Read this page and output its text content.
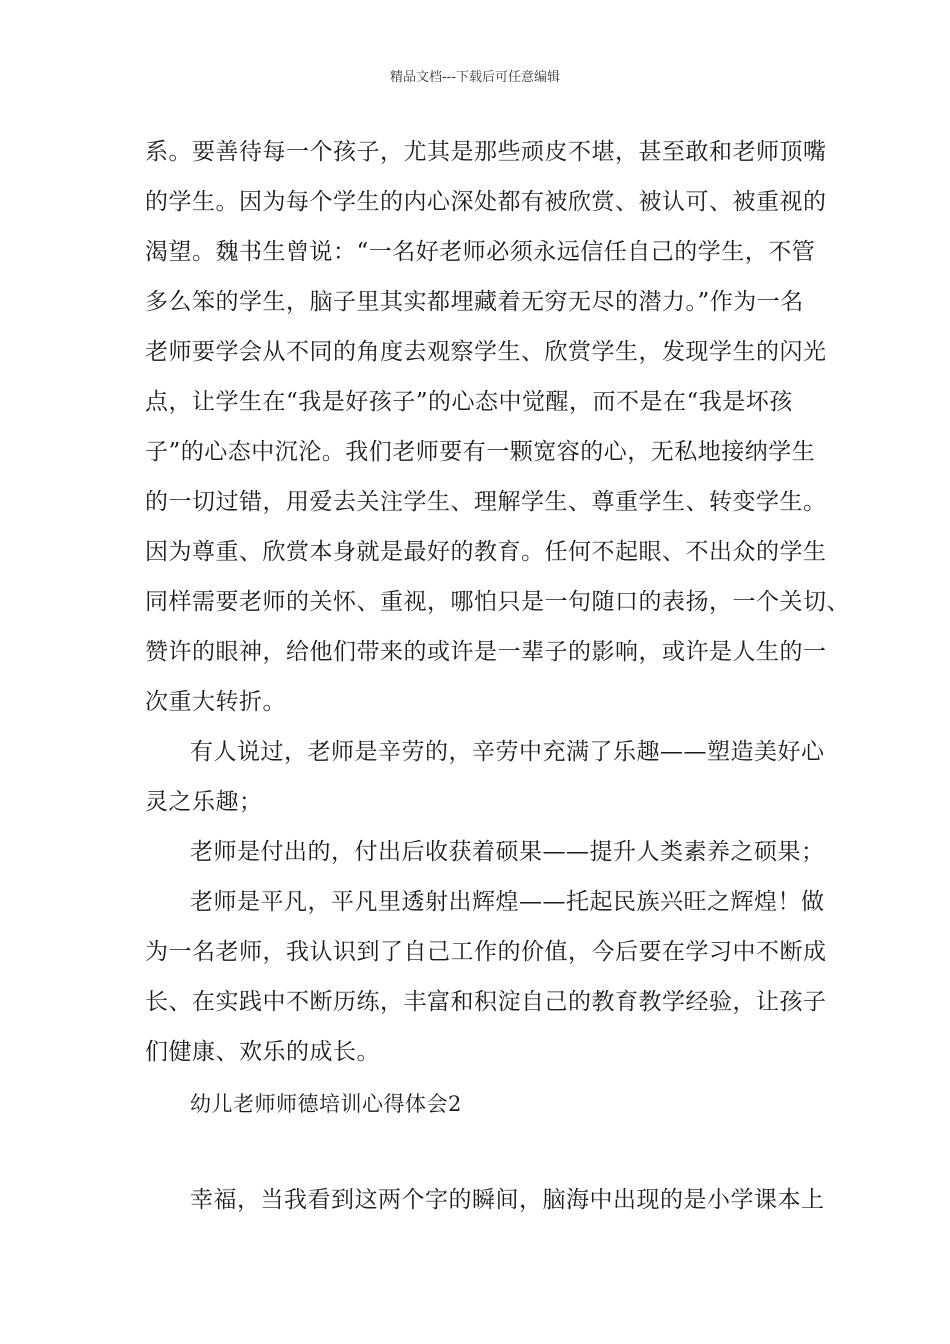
精品文档---下载后可任意编辑
系。要善待每一个孩子，尤其是那些顽皮不堪，甚至敢和老师顶嘴
的学生。因为每个学生的内心深处都有被欣赏、被认可、被重视的
渴望。魏书生曾说：“一名好老师必须永远信任自己的学生，不管
多么笨的学生，脑子里其实都埋藏着无穷无尽的潜力。”作为一名
老师要学会从不同的角度去观察学生、欣赏学生，发现学生的闪光
点，让学生在“我是好孩子”的心态中觉醒，而不是在“我是坏孩
子”的心态中沉沦。我们老师要有一颗宽容的心，无私地接纳学生
的一切过错，用爱去关注学生、理解学生、尊重学生、转变学生。
因为尊重、欣赏本身就是最好的教育。任何不起眼、不出众的学生
同样需要老师的关怀、重视，哪怕只是一句随口的表扬，一个关切、
赞许的眼神，给他们带来的或许是一辈子的影响，或许是人生的一
次重大转折。
有人说过，老师是辛劳的，辛劳中充满了乐趣——塑造美好心
灵之乐趣；
老师是付出的，付出后收获着硕果——提升人类素养之硕果；
老师是平凡，平凡里透射出辉煌——托起民族兴旺之辉煌！做
为一名老师，我认识到了自己工作的价值，今后要在学习中不断成
长、在实践中不断历练，丰富和积淀自己的教育教学经验，让孩子
们健康、欢乐的成长。
幼儿老师师德培训心得体会2
幸福，当我看到这两个字的瞬间，脑海中出现的是小学课本上
